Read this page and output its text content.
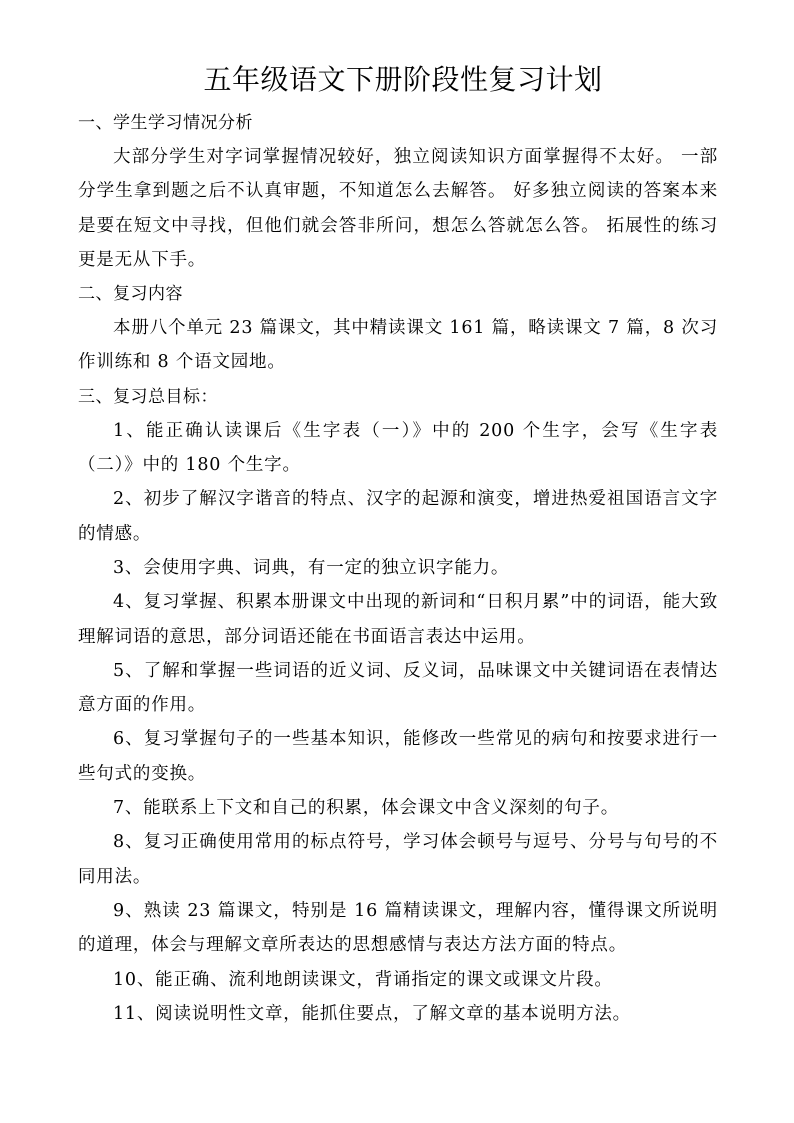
五年级语文下册阶段性复习计划
一、学生学习情况分析

大部分学生对字词掌握情况较好，独立阅读知识方面掌握得不太好。 一部分学生拿到题之后不认真审题，不知道怎么去解答。 好多独立阅读的答案本来是要在短文中寻找，但他们就会答非所问，想怎么答就怎么答。 拓展性的练习更是无从下手。

二、复习内容

本册八个单元 23 篇课文，其中精读课文 161 篇，略读课文 7 篇，8 次习作训练和 8 个语文园地。

三、复习总目标：
1、能正确认读课后《生字表（一）》中的 200 个生字，会写《生字表（二）》中的 180 个生字。
2、初步了解汉字谐音的特点、汉字的起源和演变，增进热爱祖国语言文字的情感。
3、会使用字典、词典，有一定的独立识字能力。
4、复习掌握、积累本册课文中出现的新词和“日积月累”中的词语，能大致理解词语的意思，部分词语还能在书面语言表达中运用。
5、了解和掌握一些词语的近义词、反义词，品味课文中关键词语在表情达意方面的作用。
6、复习掌握句子的一些基本知识，能修改一些常见的病句和按要求进行一些句式的变换。
7、能联系上下文和自己的积累，体会课文中含义深刻的句子。
8、复习正确使用常用的标点符号，学习体会顿号与逗号、分号与句号的不同用法。
9、熟读 23 篇课文，特别是 16 篇精读课文，理解内容，懂得课文所说明的道理，体会与理解文章所表达的思想感情与表达方法方面的特点。
10、能正确、流利地朗读课文，背诵指定的课文或课文片段。
11、阅读说明性文章，能抓住要点，了解文章的基本说明方法。
